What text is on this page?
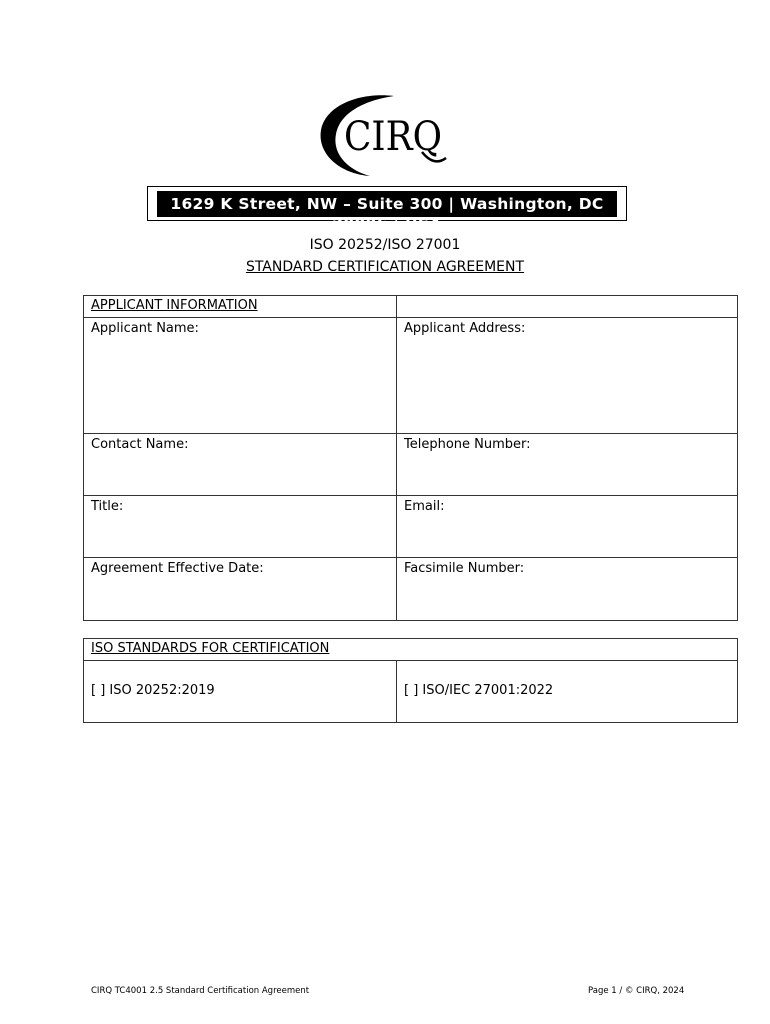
CIRQ
1629 K Street, NW – Suite 300 | Washington, DC 20006 | USA
ISO 20252/ISO 27001
STANDARD CERTIFICATION AGREEMENT
APPLICANT INFORMATION	

Applicant Name:	Applicant Address:

Contact Name:	Telephone Number:

Title:	Email:

Agreement Effective Date:	Facsimile Number:
ISO STANDARDS FOR CERTIFICATION

[ ] ISO 20252:2019	[ ] ISO/IEC 27001:2022
CIRQ TC4001 2.5 Standard Certification Agreement	Page 1 / © CIRQ, 2024
